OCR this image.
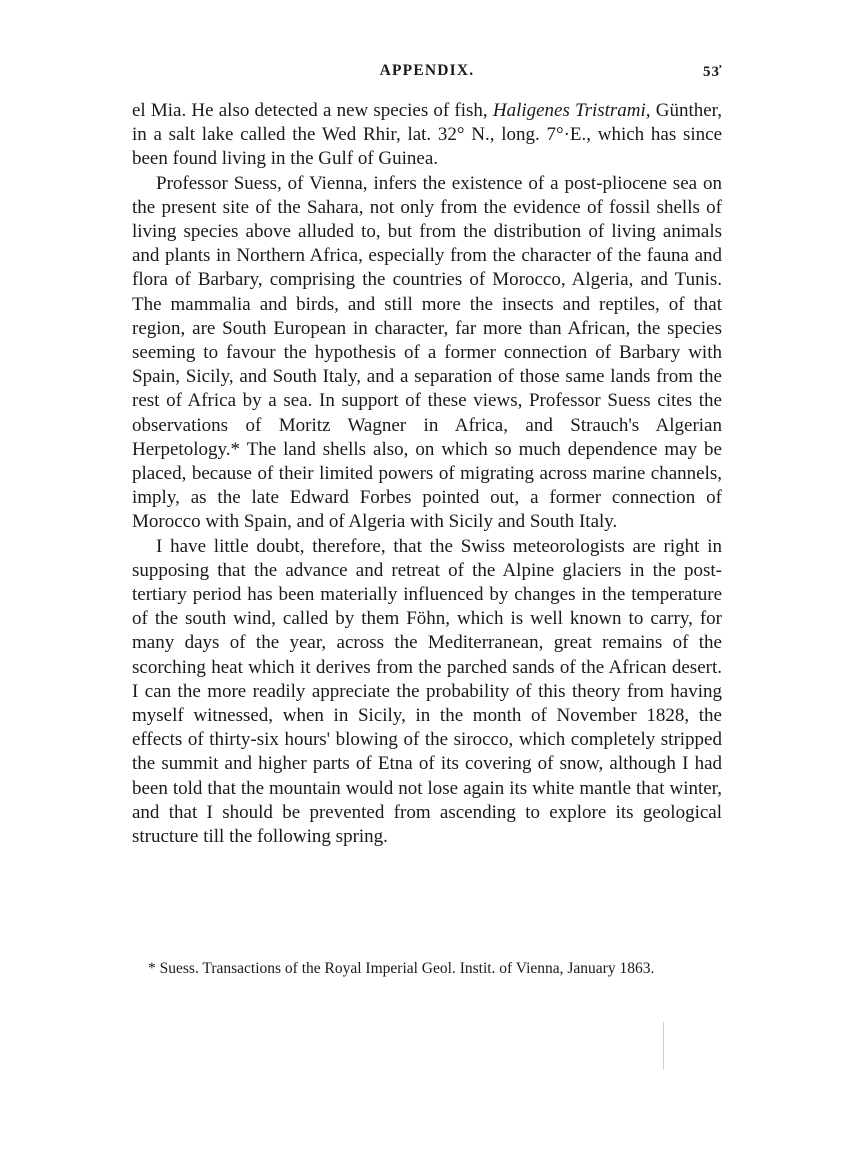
APPENDIX.	53̕

el Mia. He also detected a new species of fish, Haligenes Tristrami, Günther, in a salt lake called the Wed Rhir, lat. 32° N., long. 7°·E., which has since been found living in the Gulf of Guinea.

Professor Suess, of Vienna, infers the existence of a post-pliocene sea on the present site of the Sahara, not only from the evidence of fossil shells of living species above alluded to, but from the distribution of living animals and plants in Northern Africa, especially from the character of the fauna and flora of Barbary, comprising the countries of Morocco, Algeria, and Tunis. The mammalia and birds, and still more the insects and reptiles, of that region, are South European in character, far more than African, the species seeming to favour the hypothesis of a former connection of Barbary with Spain, Sicily, and South Italy, and a separation of those same lands from the rest of Africa by a sea. In support of these views, Professor Suess cites the observations of Moritz Wagner in Africa, and Strauch's Algerian Herpetology.* The land shells also, on which so much dependence may be placed, because of their limited powers of migrating across marine channels, imply, as the late Edward Forbes pointed out, a former connection of Morocco with Spain, and of Algeria with Sicily and South Italy.

I have little doubt, therefore, that the Swiss meteorologists are right in supposing that the advance and retreat of the Alpine glaciers in the post-tertiary period has been materially influenced by changes in the temperature of the south wind, called by them Föhn, which is well known to carry, for many days of the year, across the Mediterranean, great remains of the scorching heat which it derives from the parched sands of the African desert. I can the more readily appreciate the probability of this theory from having myself witnessed, when in Sicily, in the month of November 1828, the effects of thirty-six hours' blowing of the sirocco, which completely stripped the summit and higher parts of Etna of its covering of snow, although I had been told that the mountain would not lose again its white mantle that winter, and that I should be prevented from ascending to explore its geological structure till the following spring.

* Suess. Transactions of the Royal Imperial Geol. Instit. of Vienna, January 1863.
